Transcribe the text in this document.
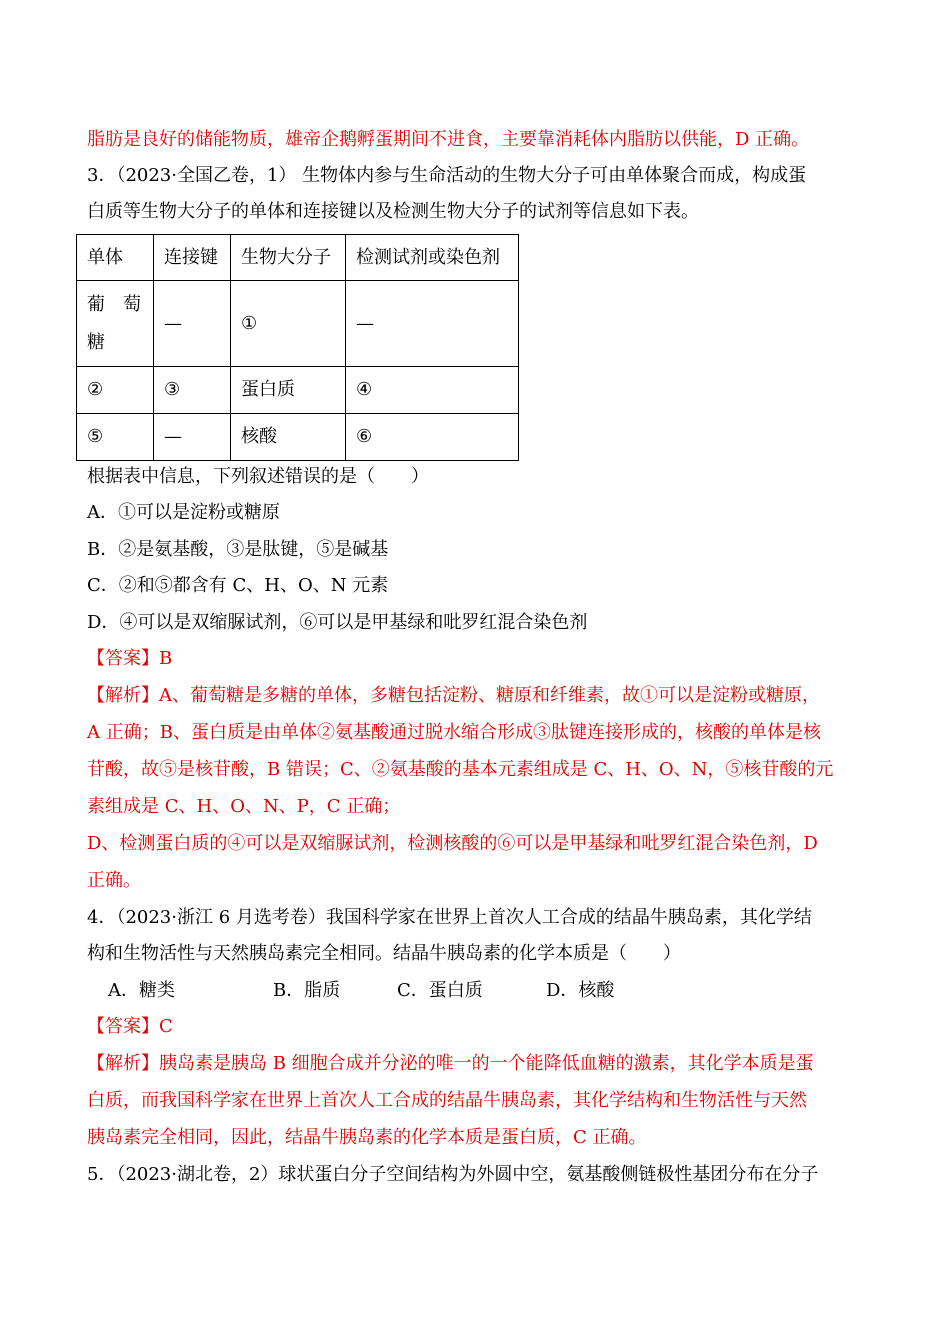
脂肪是良好的储能物质，雄帝企鹅孵蛋期间不进食，主要靠消耗体内脂肪以供能，D 正确。
3．（2023·全国乙卷，1） 生物体内参与生命活动的生物大分子可由单体聚合而成，构成蛋
白质等生物大分子的单体和连接键以及检测生物大分子的试剂等信息如下表。
单体	连接键	生物大分子	检测试剂或染色剂

葡　萄
糖	—	①	—
②	③	蛋白质	④
⑤	—	核酸	⑥
根据表中信息，下列叙述错误的是（　　）
A．①可以是淀粉或糖原
B．②是氨基酸，③是肽键，⑤是碱基
C．②和⑤都含有 C、H、O、N 元素
D．④可以是双缩脲试剂，⑥可以是甲基绿和吡罗红混合染色剂
【答案】B
【解析】A、葡萄糖是多糖的单体，多糖包括淀粉、糖原和纤维素，故①可以是淀粉或糖原，
A 正确；B、蛋白质是由单体②氨基酸通过脱水缩合形成③肽键连接形成的，核酸的单体是核
苷酸，故⑤是核苷酸，B 错误；C、②氨基酸的基本元素组成是 C、H、O、N，⑤核苷酸的元
素组成是 C、H、O、N、P，C 正确；
D、检测蛋白质的④可以是双缩脲试剂，检测核酸的⑥可以是甲基绿和吡罗红混合染色剂，D
正确。
4．（2023·浙江 6 月选考卷）我国科学家在世界上首次人工合成的结晶牛胰岛素，其化学结
构和生物活性与天然胰岛素完全相同。结晶牛胰岛素的化学本质是（　　）
A．糖类	B．脂质	C．蛋白质	D．核酸
【答案】C
【解析】胰岛素是胰岛 B 细胞合成并分泌的唯一的一个能降低血糖的激素，其化学本质是蛋
白质，而我国科学家在世界上首次人工合成的结晶牛胰岛素，其化学结构和生物活性与天然
胰岛素完全相同，因此，结晶牛胰岛素的化学本质是蛋白质，C 正确。
5．（2023·湖北卷，2）球状蛋白分子空间结构为外圆中空，氨基酸侧链极性基团分布在分子
